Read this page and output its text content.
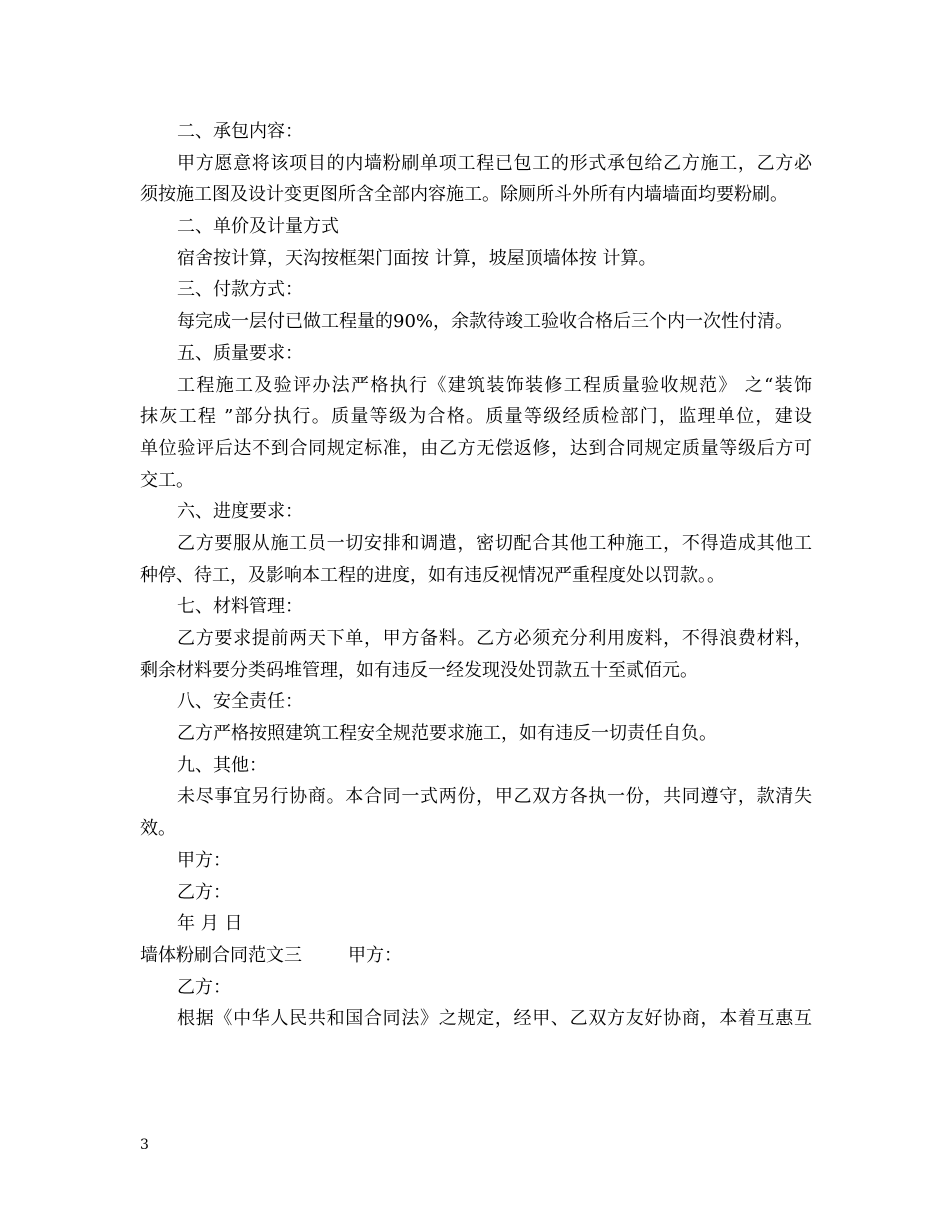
二、承包内容：
甲方愿意将该项目的内墙粉刷单项工程已包工的形式承包给乙方施工，乙方必
须按施工图及设计变更图所含全部内容施工。除厕所斗外所有内墙墙面均要粉刷。
二、单价及计量方式
宿舍按计算，天沟按框架门面按 计算，坡屋顶墙体按 计算。
三、付款方式：
每完成一层付已做工程量的90%，余款待竣工验收合格后三个内一次性付清。
五、质量要求：
工程施工及验评办法严格执行《建筑装饰装修工程质量验收规范》 之“装饰
抹灰工程 ”部分执行。质量等级为合格。质量等级经质检部门，监理单位，建设
单位验评后达不到合同规定标准，由乙方无偿返修，达到合同规定质量等级后方可
交工。
六、进度要求：
乙方要服从施工员一切安排和调遣，密切配合其他工种施工，不得造成其他工
种停、待工，及影响本工程的进度，如有违反视情况严重程度处以罚款。。
七、材料管理：
乙方要求提前两天下单，甲方备料。乙方必须充分利用废料，不得浪费材料，
剩余材料要分类码堆管理，如有违反一经发现没处罚款五十至贰佰元。
八、安全责任：
乙方严格按照建筑工程安全规范要求施工，如有违反一切责任自负。
九、其他：
未尽事宜另行协商。本合同一式两份，甲乙双方各执一份，共同遵守，款清失
效。
甲方：
乙方：
年 月 日
墙体粉刷合同范文三	甲方：
乙方：
根据《中华人民共和国合同法》之规定，经甲、乙双方友好协商，本着互惠互
3
